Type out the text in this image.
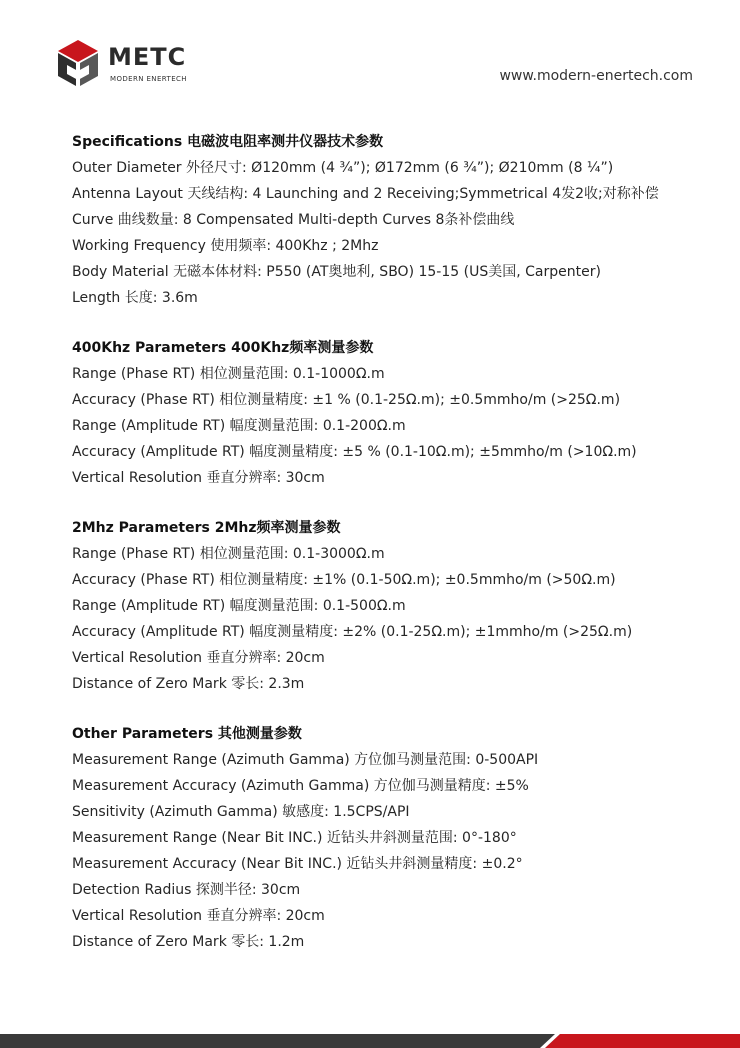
METC
MODERN ENERTECH	www.modern-enertech.com
Specifications 电磁波电阻率测井仪器技术参数
Outer Diameter 外径尺寸: Ø120mm (4 ¾”); Ø172mm (6 ¾”); Ø210mm (8 ¼”)
Antenna Layout 天线结构: 4 Launching and 2 Receiving;Symmetrical 4发2收;对称补偿
Curve 曲线数量: 8 Compensated Multi-depth Curves 8条补偿曲线
Working Frequency 使用频率: 400Khz ; 2Mhz
Body Material 无磁本体材料: P550 (AT奥地利, SBO) 15-15 (US美国, Carpenter)
Length 长度: 3.6m
400Khz Parameters 400Khz频率测量参数
Range (Phase RT) 相位测量范围: 0.1-1000Ω.m
Accuracy (Phase RT) 相位测量精度: ±1 % (0.1-25Ω.m); ±0.5mmho/m (>25Ω.m)
Range (Amplitude RT) 幅度测量范围: 0.1-200Ω.m
Accuracy (Amplitude RT) 幅度测量精度: ±5 % (0.1-10Ω.m); ±5mmho/m (>10Ω.m)
Vertical Resolution 垂直分辨率: 30cm
2Mhz Parameters 2Mhz频率测量参数
Range (Phase RT) 相位测量范围: 0.1-3000Ω.m
Accuracy (Phase RT) 相位测量精度: ±1% (0.1-50Ω.m); ±0.5mmho/m (>50Ω.m)
Range (Amplitude RT) 幅度测量范围: 0.1-500Ω.m
Accuracy (Amplitude RT) 幅度测量精度: ±2% (0.1-25Ω.m); ±1mmho/m (>25Ω.m)
Vertical Resolution 垂直分辨率: 20cm
Distance of Zero Mark 零长: 2.3m
Other Parameters 其他测量参数
Measurement Range (Azimuth Gamma) 方位伽马测量范围: 0-500API
Measurement Accuracy (Azimuth Gamma) 方位伽马测量精度: ±5%
Sensitivity (Azimuth Gamma) 敏感度: 1.5CPS/API
Measurement Range (Near Bit INC.) 近钻头井斜测量范围: 0°-180°
Measurement Accuracy (Near Bit INC.) 近钻头井斜测量精度: ±0.2°
Detection Radius 探测半径: 30cm
Vertical Resolution 垂直分辨率: 20cm
Distance of Zero Mark 零长: 1.2m
